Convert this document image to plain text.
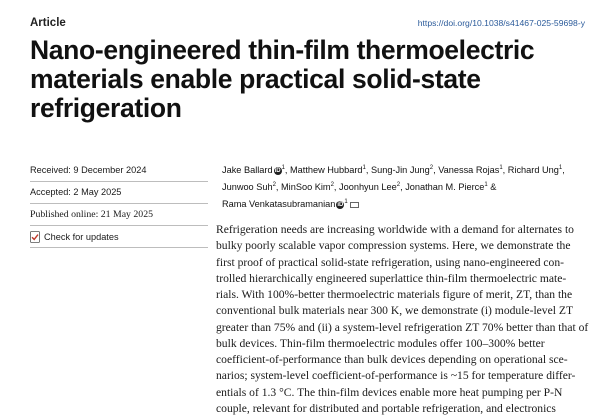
Article	https://doi.org/10.1038/s41467-025-59698-y
Nano-engineered thin-film thermoelectric materials enable practical solid-state refrigeration
Received: 9 December 2024
Accepted: 2 May 2025
Published online: 21 May 2025
Check for updates
Jake Ballard $iD^1$, Matthew Hubbard$^1$, Sung-Jin Jung$^2$, Vanessa Rojas$^1$, Richard Ung$^1$,
Junwoo Suh$^2$, MinSoo Kim$^2$, Joonhyun Lee$^2$, Jonathan M. Pierce$^1$ &
Rama Venkatasubramanian $iD^1$

Refrigeration needs are increasing worldwide with a demand for alternates to
bulky poorly scalable vapor compression systems. Here, we demonstrate the
first proof of practical solid-state refrigeration, using nano-engineered con-
trolled hierarchically engineered superlattice thin-film thermoelectric mate-
rials. With 100%-better thermoelectric materials figure of merit, ZT, than the
conventional bulk materials near 300 K, we demonstrate (i) module-level ZT
greater than 75% and (ii) a system-level refrigeration ZT 70% better than that of
bulk devices. Thin-film thermoelectric modules offer 100–300% better
coefficient-of-performance than bulk devices depending on operational sce-
narios; system-level coefficient-of-performance is ~15 for temperature differ-
entials of 1.3 °C. The thin-film devices enable more heat pumping per P-N
couple, relevant for distributed and portable refrigeration, and electronics
